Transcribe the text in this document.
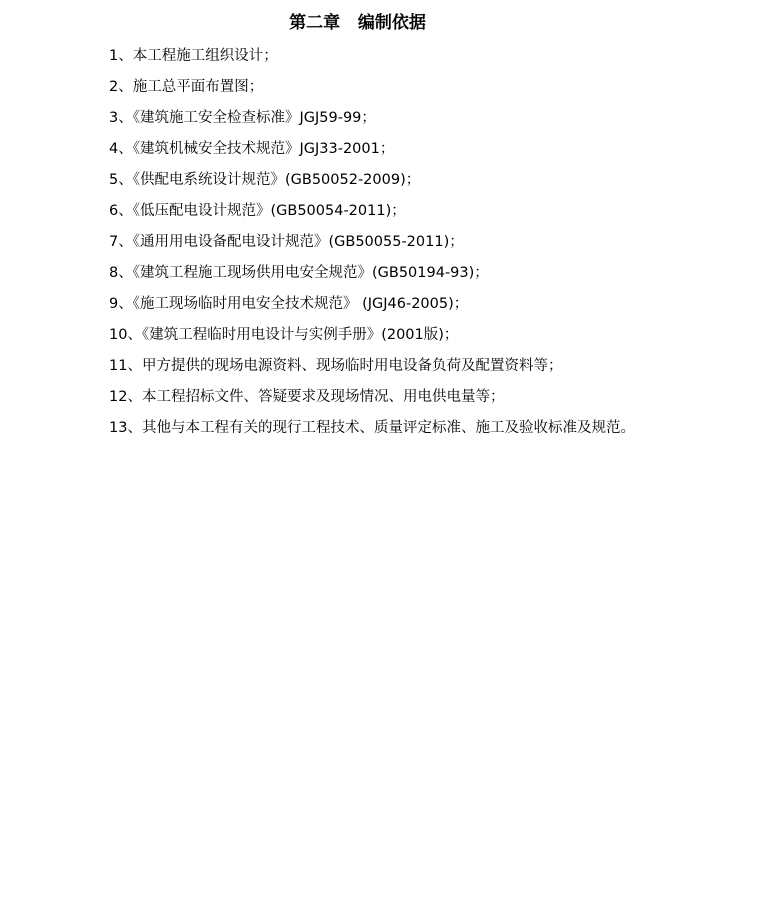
第二章   编制依据
1、本工程施工组织设计；
2、施工总平面布置图；
3、《建筑施工安全检查标准》JGJ59-99；
4、《建筑机械安全技术规范》JGJ33-2001；
5、《供配电系统设计规范》(GB50052-2009)；
6、《低压配电设计规范》(GB50054-2011)；
7、《通用用电设备配电设计规范》(GB50055-2011)；
8、《建筑工程施工现场供用电安全规范》(GB50194-93)；
9、《施工现场临时用电安全技术规范》 (JGJ46-2005)；
10、《建筑工程临时用电设计与实例手册》(2001版)；
11、甲方提供的现场电源资料、现场临时用电设备负荷及配置资料等；
12、本工程招标文件、答疑要求及现场情况、用电供电量等；
13、其他与本工程有关的现行工程技术、质量评定标准、施工及验收标准及规范。
